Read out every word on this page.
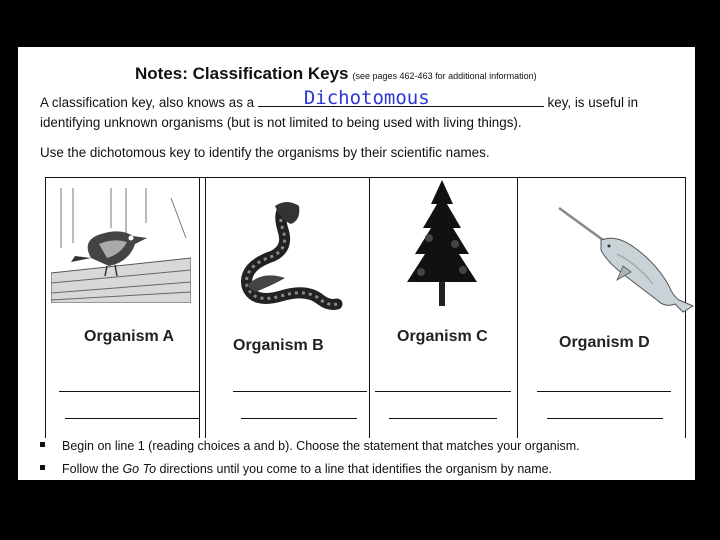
Notes: Classification Keys (see pages 462-463 for additional information)
A classification key, also knows as a Dichotomous	key, is useful in
identifying unknown organisms (but is not limited to being used with living things).
Use the dichotomous key to identify the organisms by their scientific names.
Organism A
Organism B
Organism C	Organism D
Begin on line 1 (reading choices a and b). Choose the statement that matches your organism.
Follow the Go To directions until you come to a line that identifies the organism by name.
